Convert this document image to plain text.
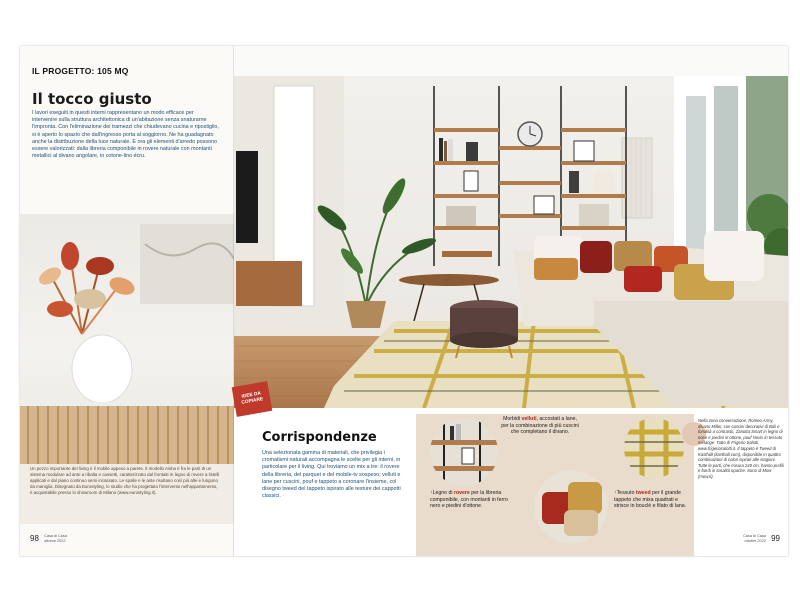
IL PROGETTO: 105 MQ
Il tocco giusto
I lavori eseguiti in questi interni rappresentano un modo efficace per intervenire sulla struttura architettonica di un'abitazione senza snaturarne l'impronta. Con l'eliminazione dei tramezzi che chiudevano cucina e ripostiglio, si è aperto lo spazio che dall'ingresso porta al soggiorno. Ne ha guadagnato anche la distribuzione della luce naturale. E ora gli elementi d'arredo possono essere valorizzati: dalla libreria componibile in rovere naturale con montanti metallici al divano angolare, in cotone-lino écru.
Un pezzo importante del living è il mobile appeso a parete. Il modello Aisha è fra le parti di un sistema modulare ad ante a ribalta e cassetti, caratterizzato dal frontale in legno di rovere a listelli applicati e dal piano continuo semi incassato. Le spalle e le ante risultano così più alte e lungono da maniglia. Disegnato da Eurostyling, lo studio che ha progettato l'intervento nell'appartamento, è acquistabile presso lo showroom di Milano (www.eurostyling.it).
98 Casa di Casa
ottobre 2022
IDEE DA COPIARE
Corrispondenze
Una selezionata gamma di materiali, che privilegia i cromatismi naturali accompagna le scelte per gli interni, in particolare per il living. Qui troviamo un mix a tre: il rovere della libreria, del parquet e del mobile-tv sospeso; velluti e lane per cuscini, pouf e tappeto a coronare l'insieme, col disegno tweed del tappeto ispirato alle texture dei cappotti classici.
Morbidi velluti, accostati a lane, per la combinazione di più cuscini che completano il divano.
↑Legno di rovere per la libreria componibile, con montanti in ferro nero e piedini d'ottone.
↑Tessuto tweed per il grande tappeto che mixa quadrati e strisce in bouclé e filato di lana.
Nella zona conversazione, Romeo Army, divano Miller, con cuscini decorativi di Bali e tonalità a contrasto, Zanotta Smart in legno di noce e piedini in ottone, pouf Novis in tessuto mélange. Tutto di Frigerio Salotti, www.frigeriosalotti.it. Il tappeto è Tweed di Kasthall (kasthall.com), disponibile in quattro combinazioni di colori ispirati alle stagioni. Tutte le parti, che misura 240 cm, hanno profili e bordi in tonalità opache. Sono di Mow (mow.it).
Casa di Casa
ottobre 2022 99
